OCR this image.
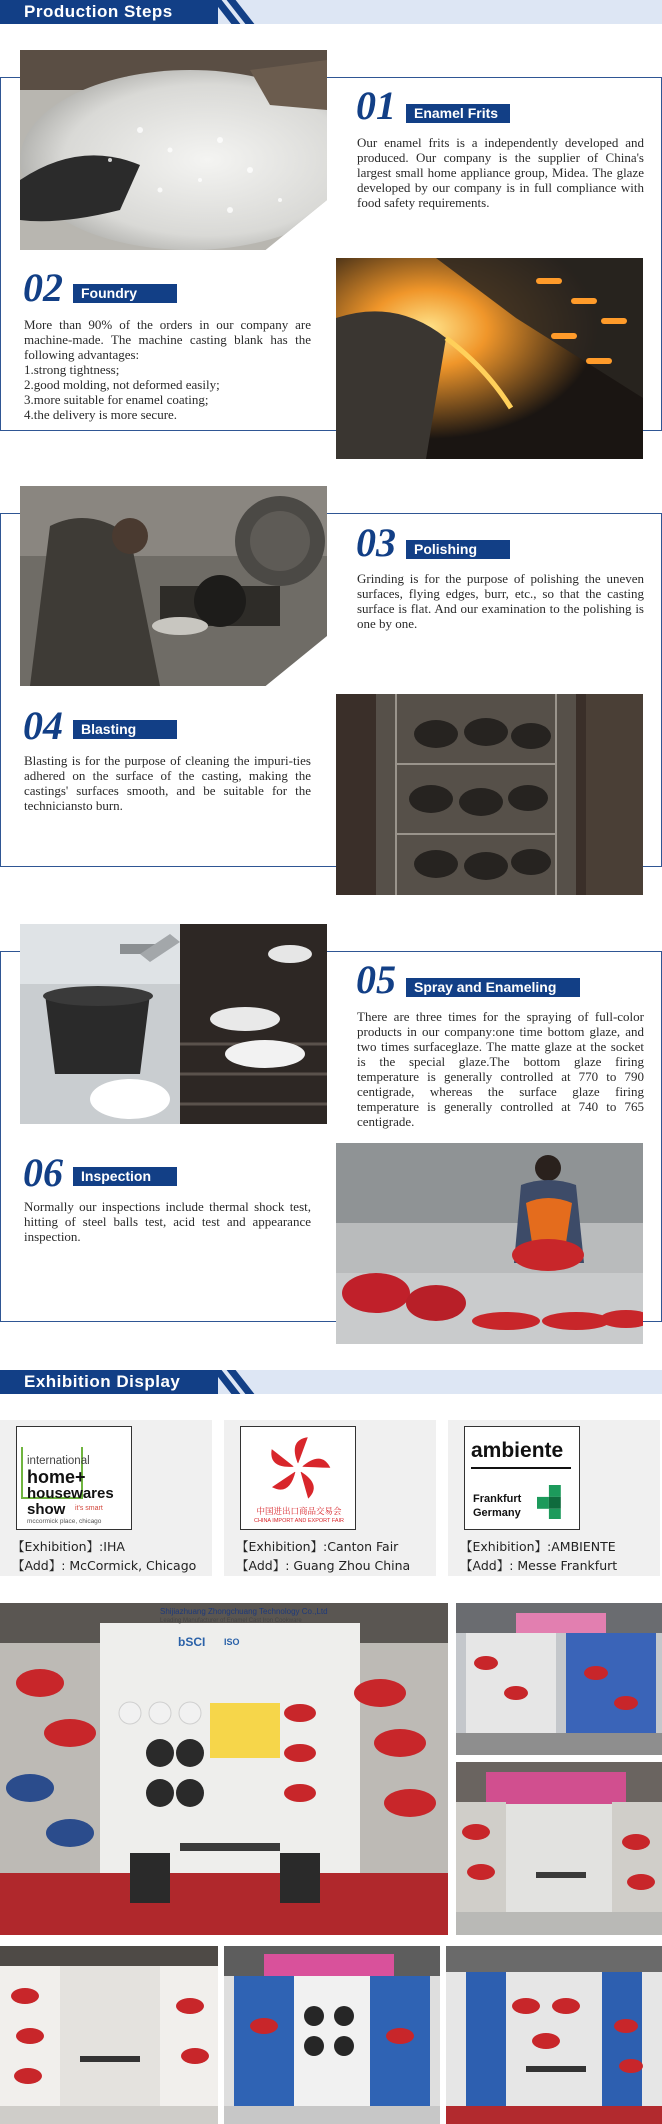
Production Steps
01	Enamel Frits
Our enamel frits is a independently developed and produced. Our company is the supplier of China's largest small home appliance group, Midea. The glaze developed by our company is in full compliance with food safety requirements.
02	Foundry
More than 90% of the orders in our company are machine-made. The machine casting blank has the following advantages:
1.strong tightness;
2.good molding, not deformed easily;
3.more suitable for enamel coating;
4.the delivery is more secure.
03	Polishing
Grinding is for the purpose of polishing the uneven surfaces, flying edges, burr, etc., so that the casting surface is flat. And our examination to the polishing is one by one.
04	Blasting
Blasting is for the purpose of cleaning the impuri-ties adhered on the surface of the casting, making the castings' surfaces smooth, and be suitable for the techniciansto burn.
05	Spray and Enameling
There are three times for the spraying of full-color products in our company:one time bottom glaze, and two times surfaceglaze. The matte glaze at the socket is the special glaze.The bottom glaze firing temperature is generally controlled at 770 to 790 centigrade, whereas the surface glaze firing temperature is generally controlled at 740 to 765 centigrade.
06	Inspection
Normally our inspections include thermal shock test, hitting of steel balls test, acid test and appearance inspection.
Exhibition Display
international
home+
housewares
show it's smart
mccormick place, chicago
【Exhibition】:IHA
【Add】: McCormick, Chicago
中国进出口商品交易会
CHINA IMPORT AND EXPORT FAIR
【Exhibition】:Canton Fair
【Add】: Guang Zhou China
ambiente
Frankfurt
Germany
【Exhibition】:AMBIENTE
【Add】: Messe Frankfurt
Shijiazhuang Zhongchuang Technology Co.,Ltd
Leading Manufacturer of Enamel Cast Iron Cookware
bSCI ISO
